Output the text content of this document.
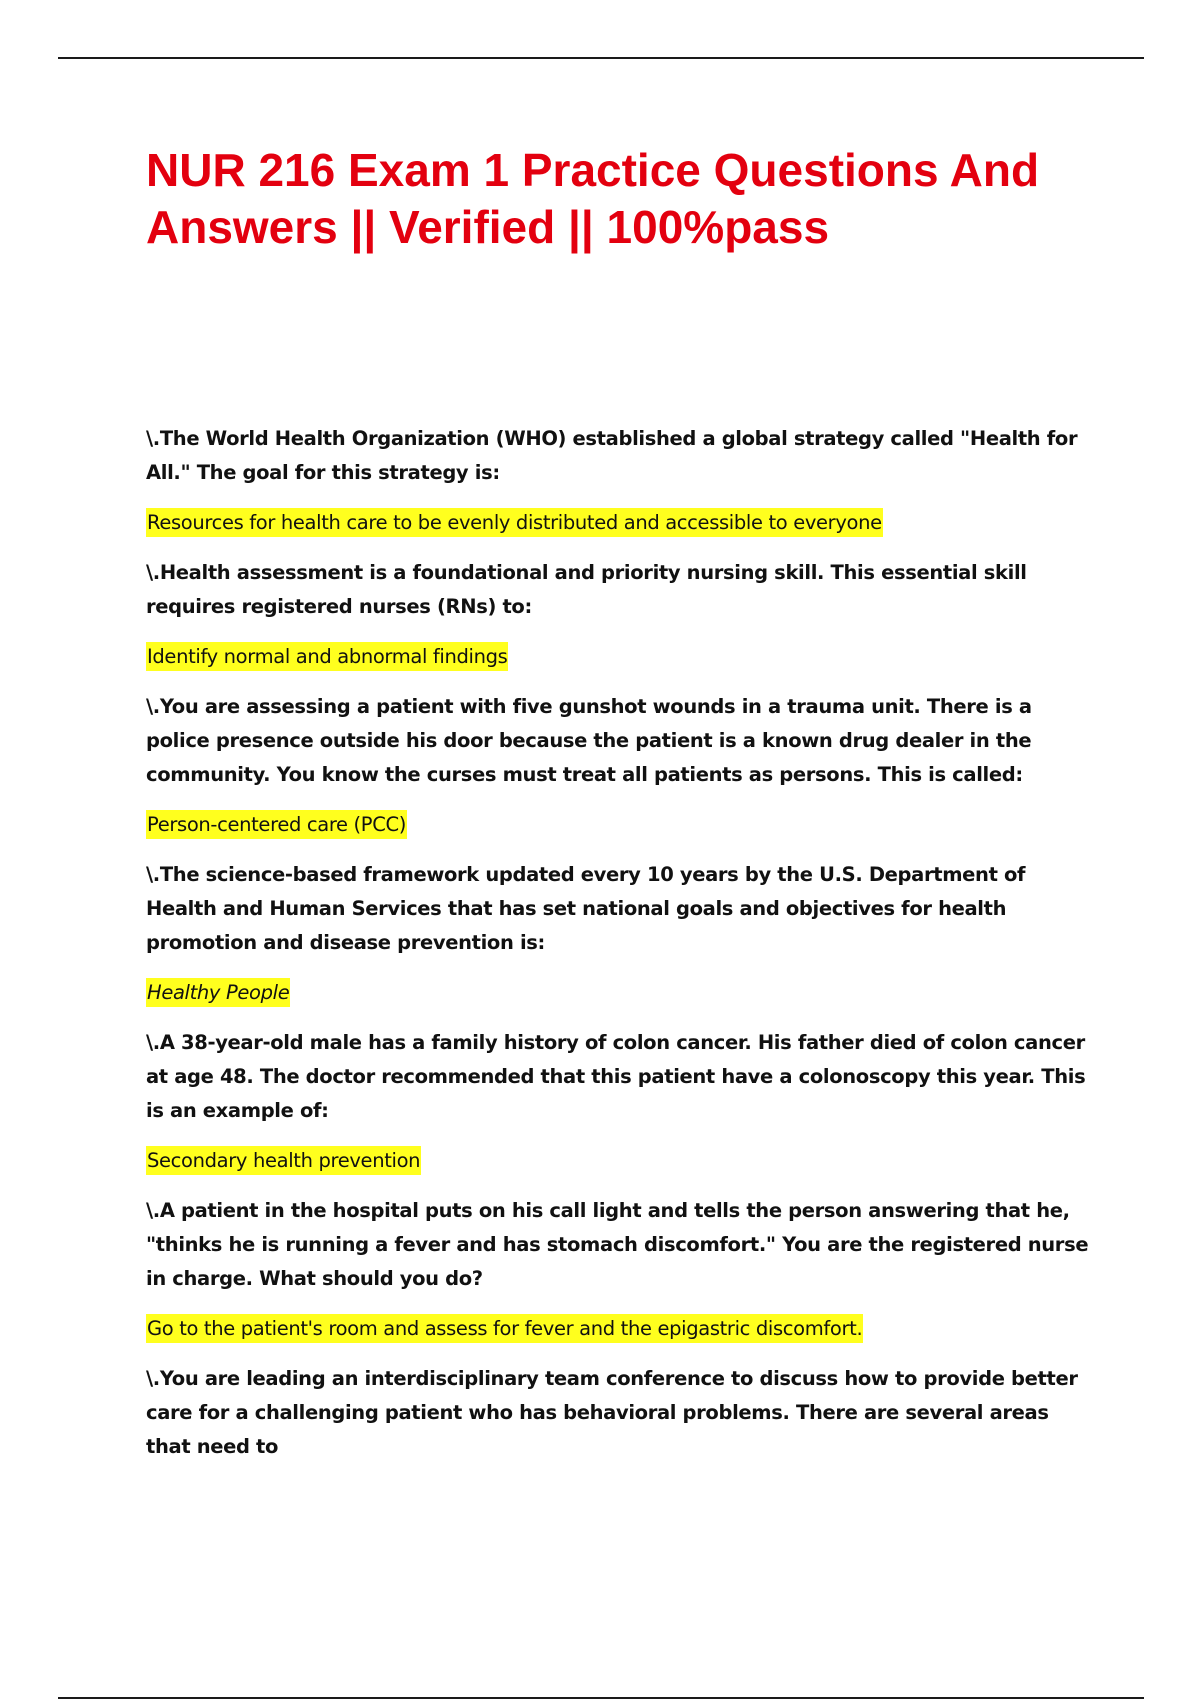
NUR 216 Exam 1 Practice Questions And Answers || Verified || 100%pass

\.The World Health Organization (WHO) established a global strategy called "Health for All." The goal for this strategy is:

Resources for health care to be evenly distributed and accessible to everyone

\.Health assessment is a foundational and priority nursing skill. This essential skill requires registered nurses (RNs) to:

Identify normal and abnormal findings

\.You are assessing a patient with five gunshot wounds in a trauma unit. There is a police presence outside his door because the patient is a known drug dealer in the community. You know the curses must treat all patients as persons. This is called:

Person-centered care (PCC)

\.The science-based framework updated every 10 years by the U.S. Department of Health and Human Services that has set national goals and objectives for health promotion and disease prevention is:

Healthy People

\.A 38-year-old male has a family history of colon cancer. His father died of colon cancer at age 48. The doctor recommended that this patient have a colonoscopy this year. This is an example of:

Secondary health prevention

\.A patient in the hospital puts on his call light and tells the person answering that he, "thinks he is running a fever and has stomach discomfort." You are the registered nurse in charge. What should you do?

Go to the patient's room and assess for fever and the epigastric discomfort.

\.You are leading an interdisciplinary team conference to discuss how to provide better care for a challenging patient who has behavioral problems. There are several areas that need to
